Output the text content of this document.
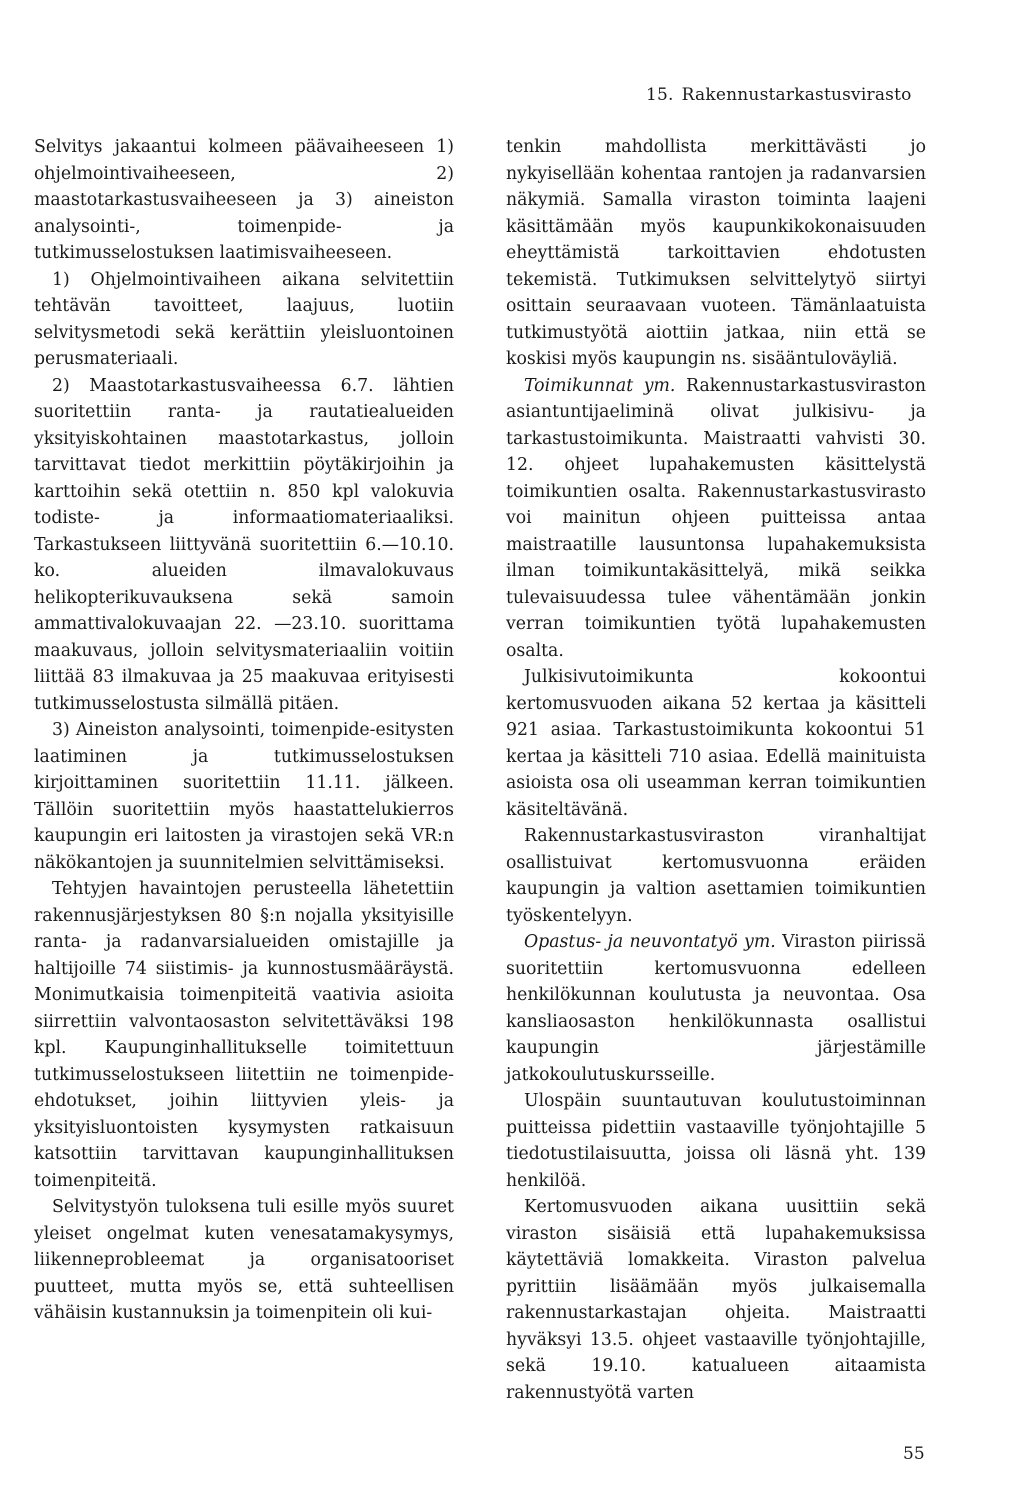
15. Rakennustarkastusvirasto

Selvitys jakaantui kolmeen päävaiheeseen 1) ohjelmointivaiheeseen, 2) maastotarkastusvaiheeseen ja 3) aineiston analysointi-, toimenpide- ja tutkimusselostuksen laatimisvaiheeseen.

1) Ohjelmointivaiheen aikana selvitettiin tehtävän tavoitteet, laajuus, luotiin selvitysmetodi sekä kerättiin yleisluontoinen perusmateriaali.

2) Maastotarkastusvaiheessa 6.7. lähtien suoritettiin ranta- ja rautatiealueiden yksityiskohtainen maastotarkastus, jolloin tarvittavat tiedot merkittiin pöytäkirjoihin ja karttoihin sekä otettiin n. 850 kpl valokuvia todiste- ja informaatiomateriaaliksi. Tarkastukseen liittyvänä suoritettiin 6.—10.10. ko. alueiden ilmavalokuvaus helikopterikuvauksena sekä samoin ammattivalokuvaajan 22. —23.10. suorittama maakuvaus, jolloin selvitysmateriaaliin voitiin liittää 83 ilmakuvaa ja 25 maakuvaa erityisesti tutkimusselostusta silmällä pitäen.

3) Aineiston analysointi, toimenpide-esitysten laatiminen ja tutkimusselostuksen kirjoittaminen suoritettiin 11.11. jälkeen. Tällöin suoritettiin myös haastattelukierros kaupungin eri laitosten ja virastojen sekä VR:n näkökantojen ja suunnitelmien selvittämiseksi.

Tehtyjen havaintojen perusteella lähetettiin rakennusjärjestyksen 80 §:n nojalla yksityisille ranta- ja radanvarsialueiden omistajille ja haltijoille 74 siistimis- ja kunnostusmääräystä. Monimutkaisia toimenpiteitä vaativia asioita siirrettiin valvontaosaston selvitettäväksi 198 kpl. Kaupunginhallitukselle toimitettuun tutkimusselostukseen liitettiin ne toimenpide-ehdotukset, joihin liittyvien yleis- ja yksityisluontoisten kysymysten ratkaisuun katsottiin tarvittavan kaupunginhallituksen toimenpiteitä.

Selvitystyön tuloksena tuli esille myös suuret yleiset ongelmat kuten venesatamakysymys, liikenneprobleemat ja organisatooriset puutteet, mutta myös se, että suhteellisen vähäisin kustannuksin ja toimenpitein oli kui-

tenkin mahdollista merkittävästi jo nykyisellään kohentaa rantojen ja radanvarsien näkymiä. Samalla viraston toiminta laajeni käsittämään myös kaupunkikokonaisuuden eheyttämistä tarkoittavien ehdotusten tekemistä. Tutkimuksen selvittelytyö siirtyi osittain seuraavaan vuoteen. Tämänlaatuista tutkimustyötä aiottiin jatkaa, niin että se koskisi myös kaupungin ns. sisääntuloväyliä.

Toimikunnat ym. Rakennustarkastusviraston asiantuntijaeliminä olivat julkisivu- ja tarkastustoimikunta. Maistraatti vahvisti 30. 12. ohjeet lupahakemusten käsittelystä toimikuntien osalta. Rakennustarkastusvirasto voi mainitun ohjeen puitteissa antaa maistraatille lausuntonsa lupahakemuksista ilman toimikuntakäsittelyä, mikä seikka tulevaisuudessa tulee vähentämään jonkin verran toimikuntien työtä lupahakemusten osalta.

Julkisivutoimikunta kokoontui kertomusvuoden aikana 52 kertaa ja käsitteli 921 asiaa. Tarkastustoimikunta kokoontui 51 kertaa ja käsitteli 710 asiaa. Edellä mainituista asioista osa oli useamman kerran toimikuntien käsiteltävänä.

Rakennustarkastusviraston viranhaltijat osallistuivat kertomusvuonna eräiden kaupungin ja valtion asettamien toimikuntien työskentelyyn.

Opastus- ja neuvontatyö ym. Viraston piirissä suoritettiin kertomusvuonna edelleen henkilökunnan koulutusta ja neuvontaa. Osa kansliaosaston henkilökunnasta osallistui kaupungin järjestämille jatkokoulutuskursseille.

Ulospäin suuntautuvan koulutustoiminnan puitteissa pidettiin vastaaville työnjohtajille 5 tiedotustilaisuutta, joissa oli läsnä yht. 139 henkilöä.

Kertomusvuoden aikana uusittiin sekä viraston sisäisiä että lupahakemuksissa käytettäviä lomakkeita. Viraston palvelua pyrittiin lisäämään myös julkaisemalla rakennustarkastajan ohjeita. Maistraatti hyväksyi 13.5. ohjeet vastaaville työnjohtajille, sekä 19.10. katualueen aitaamista rakennustyötä varten

55
